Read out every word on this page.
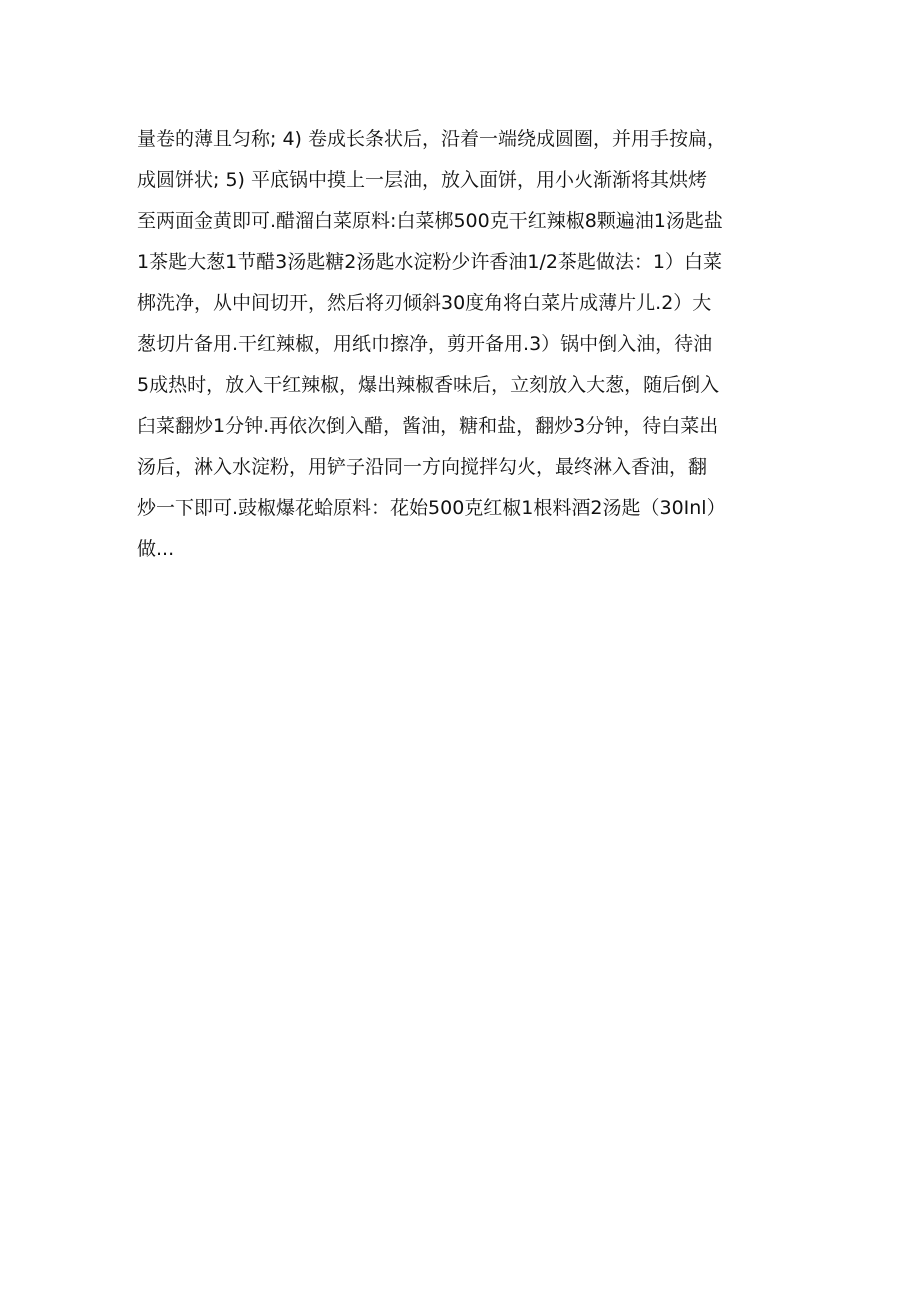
量卷的薄且匀称; 4) 卷成长条状后，沿着一端绕成圆圈，并用手按扁，
成圆饼状; 5) 平底锅中摸上一层油，放入面饼，用小火渐渐将其烘烤
至两面金黄即可.醋溜白菜原料:白菜梆500克干红辣椒8颗遍油1汤匙盐
1茶匙大葱1节醋3汤匙糖2汤匙水淀粉少许香油1/2茶匙做法：1）白菜
梆洗净，从中间切开，然后将刃倾斜30度角将白菜片成薄片儿.2）大
葱切片备用.干红辣椒，用纸巾擦净，剪开备用.3）锅中倒入油，待油
5成热时，放入干红辣椒，爆出辣椒香味后，立刻放入大葱，随后倒入
臼菜翻炒1分钟.再依次倒入醋，酱油，糖和盐，翻炒3分钟，待白菜出
汤后，淋入水淀粉，用铲子沿同一方向搅拌勾火，最终淋入香油，翻
炒一下即可.豉椒爆花蛤原料：花始500克红椒1根料酒2汤匙（30Inl）
做...
